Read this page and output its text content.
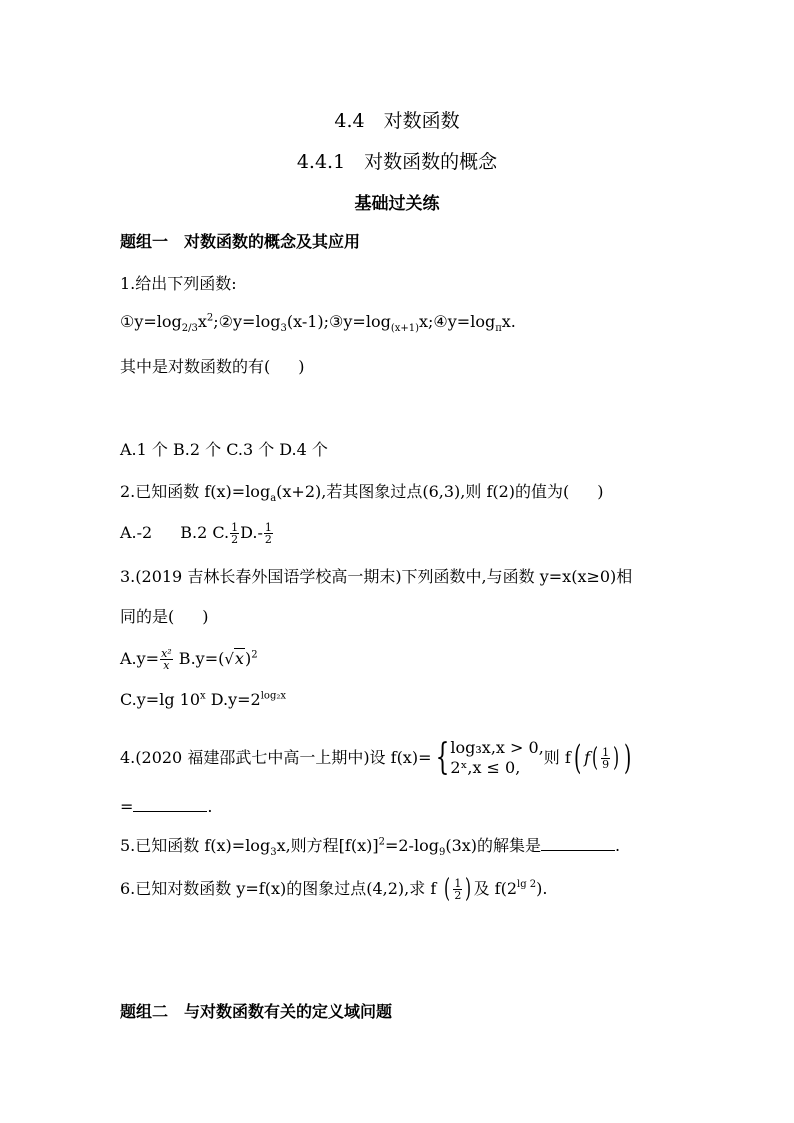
4.4　对数函数
4.4.1　对数函数的概念
基础过关练
题组一　对数函数的概念及其应用
1.给出下列函数:
$①y=\log_{2/3}x^2;②y=\log_3(x-1);③y=\log_{(x+1)}x;④y=\log_\pi x$.
其中是对数函数的有( )
A.1 个 B.2 个 C.3 个 D.4 个
2.已知函数 $f(x)=\log_a(x+2)$,若其图象过点(6,3),则 f(2)的值为( )
A.-2 B.2 C. $\frac{1}{2} D.- \frac{1}{2}$
3.(2019 吉林长春外国语学校高一期末)下列函数中,与函数 y=x(x≥0)相
同的是( )
$A.y= \frac{\text{x²}}{x} B.y=(√x)^2$
C.y=lg 10$^x$ $D.y=2^{log_2x}$
4.(2020 福建邵武七中高一上期中)设 f(x)= { log₃x,x > 0,
2ˣ,x ≤ 0,
则 f( $f( \frac{1}{9}$ ) )
=	.
5.已知函数 $f(x)=\log_3x$,则方程$[f(x)]^2=2-\log_9(3x)$的解集是	.
6.已知对数函数 y=f(x)的图象过点(4,2),求 f ( $\frac{1}{2}$ ) 及 $f(2^{lg 2})$.
题组二　与对数函数有关的定义域问题
